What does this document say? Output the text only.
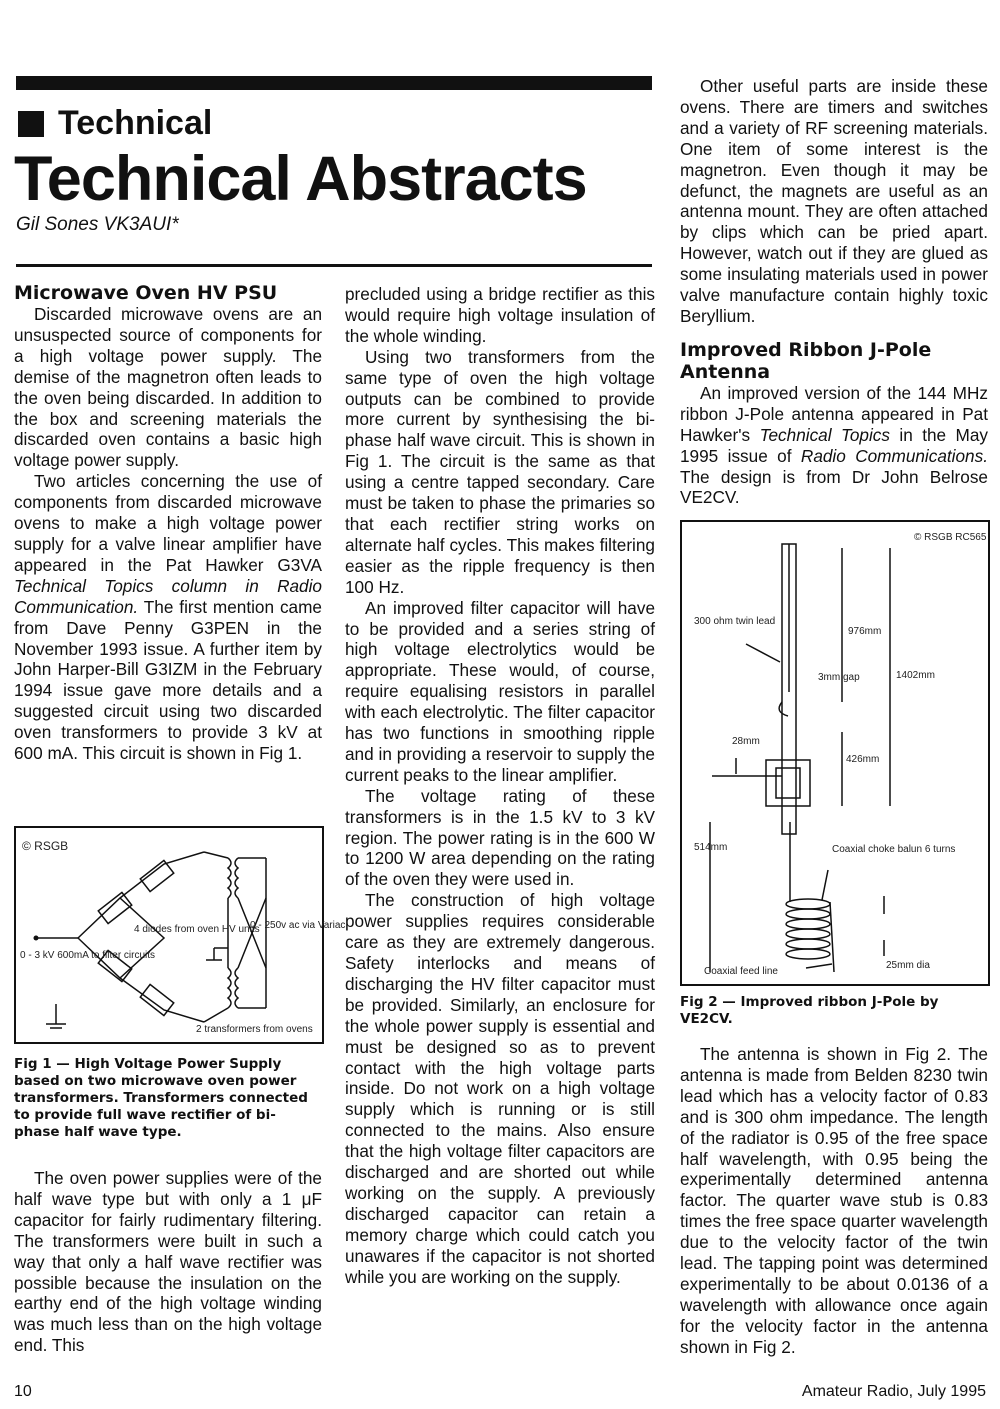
Technical
Technical Abstracts
Gil Sones VK3AUI*
Microwave Oven HV PSU

Discarded microwave ovens are an unsuspected source of components for a high voltage power supply. The demise of the magnetron often leads to the oven being discarded. In addition to the box and screening materials the discarded oven contains a basic high voltage power supply.

Two articles concerning the use of components from discarded microwave ovens to make a high voltage power supply for a valve linear amplifier have appeared in the Pat Hawker G3VA Technical Topics column in Radio Communication. The first mention came from Dave Penny G3PEN in the November 1993 issue. A further item by John Harper-Bill G3IZM in the February 1994 issue gave more details and a suggested circuit using two discarded oven transformers to provide 3 kV at 600 mA. This circuit is shown in Fig 1.

© RSGB
4 diodes from oven HV units
0 - 250v ac via Variac
0 - 3 kV 600mA to filter circuits
2 transformers from ovens
Fig 1 — High Voltage Power Supply based on two microwave oven power transformers. Transformers connected to provide full wave rectifier of bi-phase half wave type.

The oven power supplies were of the half wave type but with only a 1 μF capacitor for fairly rudimentary filtering. The transformers were built in such a way that only a half wave rectifier was possible because the insulation on the earthy end of the high voltage winding was much less than on the high voltage end. This

precluded using a bridge rectifier as this would require high voltage insulation of the whole winding.

Using two transformers from the same type of oven the high voltage outputs can be combined to provide more current by synthesising the bi-phase half wave circuit. This is shown in Fig 1. The circuit is the same as that using a centre tapped secondary. Care must be taken to phase the primaries so that each rectifier string works on alternate half cycles. This makes filtering easier as the ripple frequency is then 100 Hz.

An improved filter capacitor will have to be provided and a series string of high voltage electrolytics would be appropriate. These would, of course, require equalising resistors in parallel with each electrolytic. The filter capacitor has two functions in smoothing ripple and in providing a reservoir to supply the current peaks to the linear amplifier.

The voltage rating of these transformers is in the 1.5 kV to 3 kV region. The power rating is in the 600 W to 1200 W area depending on the rating of the oven they were used in.

The construction of high voltage power supplies requires considerable care as they are extremely dangerous. Safety interlocks and means of discharging the HV filter capacitor must be provided. Similarly, an enclosure for the whole power supply is essential and must be designed so as to prevent contact with the high voltage parts inside. Do not work on a high voltage supply which is running or is still connected to the mains. Also ensure that the high voltage filter capacitors are discharged and are shorted out while working on the supply. A previously discharged capacitor can retain a memory charge which could catch you unawares if the capacitor is not shorted while you are working on the supply.

Other useful parts are inside these ovens. There are timers and switches and a variety of RF screening materials. One item of some interest is the magnetron. Even though it may be defunct, the magnets are useful as an antenna mount. They are often attached by clips which can be pried apart. However, watch out if they are glued as some insulating materials used in power valve manufacture contain highly toxic Beryllium.

Improved Ribbon J-Pole Antenna

An improved version of the 144 MHz ribbon J-Pole antenna appeared in Pat Hawker's Technical Topics in the May 1995 issue of Radio Communications. The design is from Dr John Belrose VE2CV.

© RSGB RC565
300 ohm twin lead
976mm
3mm gap	1402mm
28mm
426mm
514mm	Coaxial choke balun 6 turns
Coaxial feed line
25mm dia
Fig 2 — Improved ribbon J-Pole by VE2CV.

The antenna is shown in Fig 2. The antenna is made from Belden 8230 twin lead which has a velocity factor of 0.83 and is 300 ohm impedance. The length of the radiator is 0.95 of the free space half wavelength, with 0.95 being the experimentally determined antenna factor. The quarter wave stub is 0.83 times the free space quarter wavelength due to the velocity factor of the twin lead. The tapping point was determined experimentally to be about 0.0136 of a wavelength with allowance once again for the velocity factor in the antenna shown in Fig 2.

10	Amateur Radio, July 1995
